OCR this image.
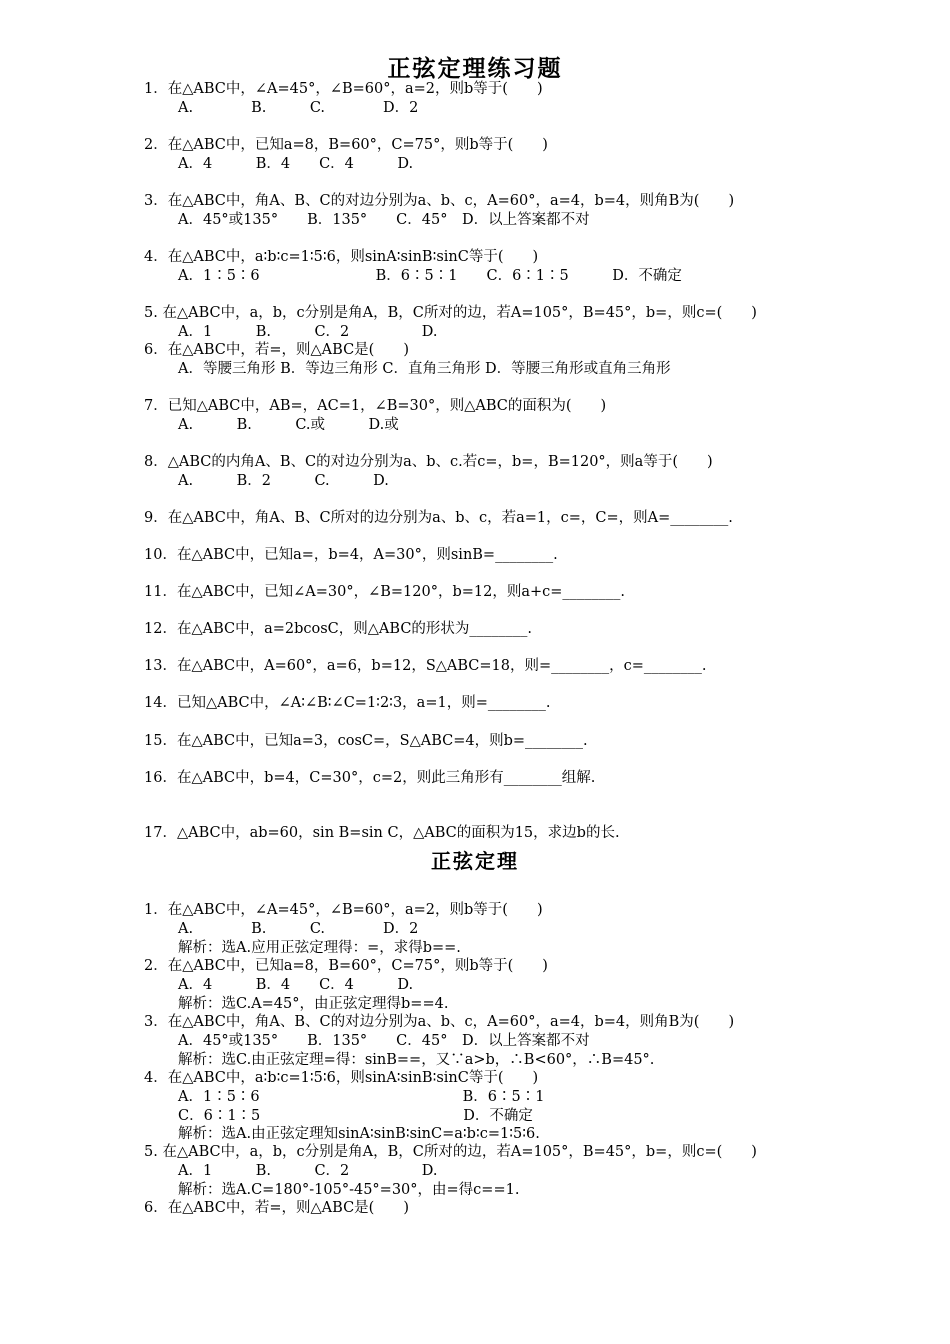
正弦定理练习题

1．在△ABC中，∠A=45°，∠B=60°，a=2，则b等于(　　)

A.　　　　B.　　　C.　　　　D．2

2．在△ABC中，已知a=8，B=60°，C=75°，则b等于(　　)

A．4　　　B．4　　C．4　　　D.

3．在△ABC中，角A、B、C的对边分别为a、b、c，A=60°，a=4，b=4，则角B为(　　)

A．45°或135°　　B．135°　　C．45°　D．以上答案都不对

4．在△ABC中，a∶b∶c=1∶5∶6，则sinA∶sinB∶sinC等于(　　)

A．1∶5∶6　　　　　　　　B．6∶5∶1　　C．6∶1∶5　　　D．不确定

5. 在△ABC中，a，b，c分别是角A，B，C所对的边，若A=105°，B=45°，b=，则c=(　　)

A．1　　　B.　　　C．2　　　　　D.

6．在△ABC中，若=，则△ABC是(　　)

A．等腰三角形 B．等边三角形 C．直角三角形 D．等腰三角形或直角三角形

7．已知△ABC中，AB=，AC=1，∠B=30°，则△ABC的面积为(　　)

A.　　　B.　　　C.或　　　D.或

8．△ABC的内角A、B、C的对边分别为a、b、c.若c=，b=，B=120°，则a等于(　　)

A.　　　B．2　　　C.　　　D.

9．在△ABC中，角A、B、C所对的边分别为a、b、c，若a=1，c=，C=，则A=________.

10．在△ABC中，已知a=，b=4，A=30°，则sinB=________.

11．在△ABC中，已知∠A=30°，∠B=120°，b=12，则a+c=________.

12．在△ABC中，a=2bcosC，则△ABC的形状为________.

13．在△ABC中，A=60°，a=6，b=12，S△ABC=18，则=________，c=________.

14．已知△ABC中，∠A∶∠B∶∠C=1∶2∶3，a=1，则=________.

15．在△ABC中，已知a=3，cosC=，S△ABC=4，则b=________.

16．在△ABC中，b=4，C=30°，c=2，则此三角形有________组解.

17．△ABC中，ab=60，sin B=sin C，△ABC的面积为15，求边b的长.

正弦定理

1．在△ABC中，∠A=45°，∠B=60°，a=2，则b等于(　　)

A.　　　　B.　　　C.　　　　D．2

解析：选A.应用正弦定理得：=，求得b==.

2．在△ABC中，已知a=8，B=60°，C=75°，则b等于(　　)

A．4　　　B．4　　C．4　　　D.

解析：选C.A=45°，由正弦定理得b==4.

3．在△ABC中，角A、B、C的对边分别为a、b、c，A=60°，a=4，b=4，则角B为(　　)

A．45°或135°　　B．135°　　C．45°　D．以上答案都不对

解析：选C.由正弦定理=得：sinB==，又∵a>b，∴B<60°，∴B=45°.

4．在△ABC中，a∶b∶c=1∶5∶6，则sinA∶sinB∶sinC等于(　　)

A．1∶5∶6　　　　　　　　　　　　　　B．6∶5∶1

C．6∶1∶5　　　　　　　　　　　　　　D．不确定

解析：选A.由正弦定理知sinA∶sinB∶sinC=a∶b∶c=1∶5∶6.

5. 在△ABC中，a，b，c分别是角A，B，C所对的边，若A=105°，B=45°，b=，则c=(　　)

A．1　　　B.　　　C．2　　　　　D.

解析：选A.C=180°-105°-45°=30°，由=得c==1.

6．在△ABC中，若=，则△ABC是(　　)
